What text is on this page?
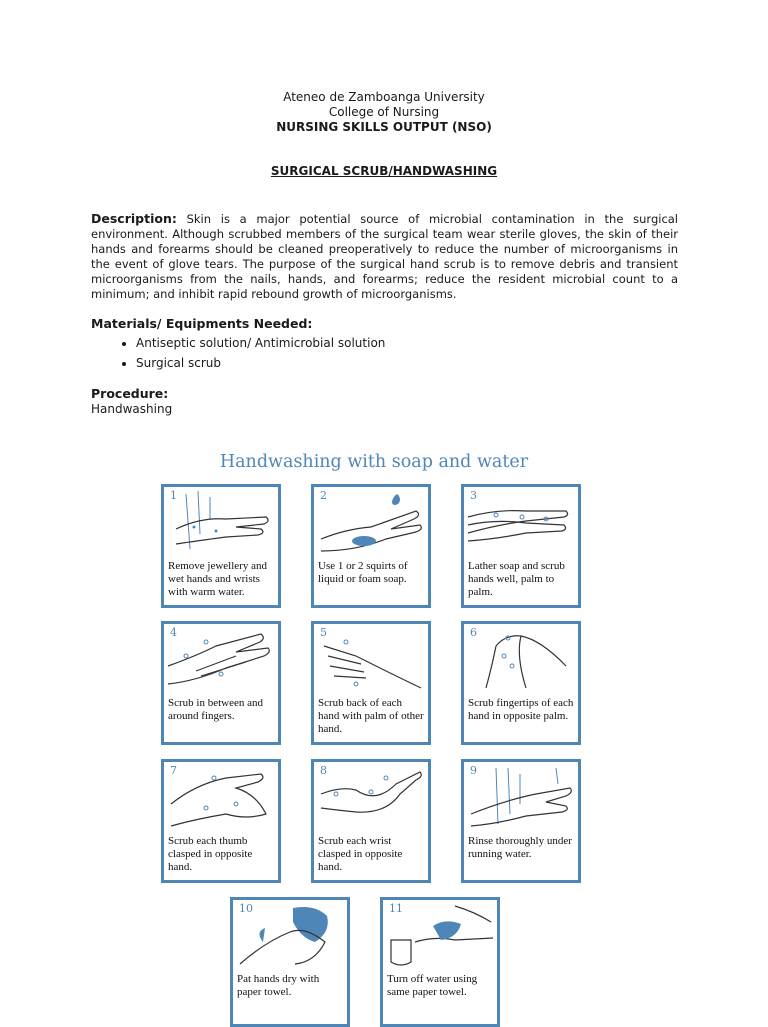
Ateneo de Zamboanga University
College of Nursing
NURSING SKILLS OUTPUT (NSO)
SURGICAL SCRUB/HANDWASHING
Description: Skin is a major potential source of microbial contamination in the surgical environment. Although scrubbed members of the surgical team wear sterile gloves, the skin of their hands and forearms should be cleaned preoperatively to reduce the number of microorganisms in the event of glove tears. The purpose of the surgical hand scrub is to remove debris and transient microorganisms from the nails, hands, and forearms; reduce the resident microbial count to a minimum; and inhibit rapid rebound growth of microorganisms.
Materials/ Equipments Needed:
• Antiseptic solution/ Antimicrobial solution
• Surgical scrub
Procedure:
Handwashing
Handwashing with soap and water
1
Remove jewellery and wet hands and wrists with warm water.
2
Use 1 or 2 squirts of liquid or foam soap.
3
Lather soap and scrub hands well, palm to palm.
4
Scrub in between and around fingers.
5
Scrub back of each hand with palm of other hand.
6
Scrub fingertips of each hand in opposite palm.
7
Scrub each thumb clasped in opposite hand.
8
Scrub each wrist clasped in opposite hand.
9
Rinse thoroughly under running water.
10
Pat hands dry with paper towel.
11
Turn off water using same paper towel.
